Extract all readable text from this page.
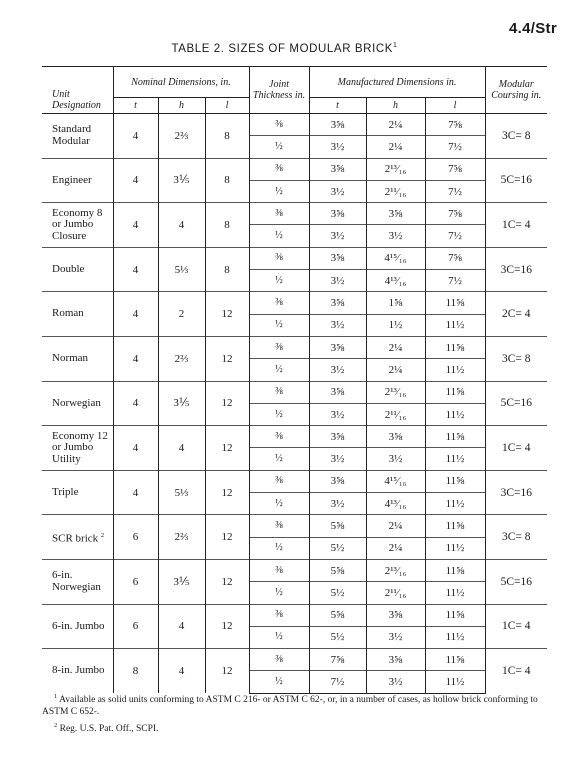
4.4/Str
TABLE 2. SIZES OF MODULAR BRICK$^1$
Unit Designation	Nominal Dimensions, in.			Joint Thickness in.	Manufactured Dimensions in.			Modular Coursing in.
	t	h	l		t	h	l	
Standard Modular	4	2⅔	8	⅜	3⅝	2¼	7⅝	3C= 8
				½	3½	2¼	7½	
Engineer	4	3⅕	8	⅜	3⅝	2¹³⁄₁₆	7⅝	5C=16
				½	3½	2¹¹⁄₁₆	7½	
Economy 8 or Jumbo Closure	4	4	8	⅜	3⅝	3⅝	7⅝	1C= 4
				½	3½	3½	7½	
Double	4	5⅓	8	⅜	3⅝	4¹⁵⁄₁₆	7⅝	3C=16
				½	3½	4¹³⁄₁₆	7½	
Roman	4	2	12	⅜	3⅝	1⅝	11⅝	2C= 4
				½	3½	1½	11½	
Norman	4	2⅔	12	⅜	3⅝	2¼	11⅝	3C= 8
				½	3½	2¼	11½	
Norwegian	4	3⅕	12	⅜	3⅝	2¹³⁄₁₆	11⅝	5C=16
				½	3½	2¹¹⁄₁₆	11½	
Economy 12 or Jumbo Utility	4	4	12	⅜	3⅝	3⅝	11⅝	1C= 4
				½	3½	3½	11½	
Triple	4	5⅓	12	⅜	3⅝	4¹⁵⁄₁₆	11⅝	3C=16
				½	3½	4¹³⁄₁₆	11½	
SCR brick $^2$	6	2⅔	12	⅜	5⅝	2¼	11⅝	3C= 8
				½	5½	2¼	11½	
6-in. Norwegian	6	3⅕	12	⅜	5⅝	2¹³⁄₁₆	11⅝	5C=16
				½	5½	2¹¹⁄₁₆	11½	
6-in. Jumbo	6	4	12	⅜	5⅝	3⅝	11⅝	1C= 4
				½	5½	3½	11½	
8-in. Jumbo	8	4	12	⅜	7⅝	3⅝	11⅝	1C= 4
				½	7½	3½	11½	

$^1$ Available as solid units conforming to ASTM C 216- or ASTM C 62-, or, in a number of cases, as hollow brick conforming to ASTM C 652-.

$^2$ Reg. U.S. Pat. Off., SCPI.
